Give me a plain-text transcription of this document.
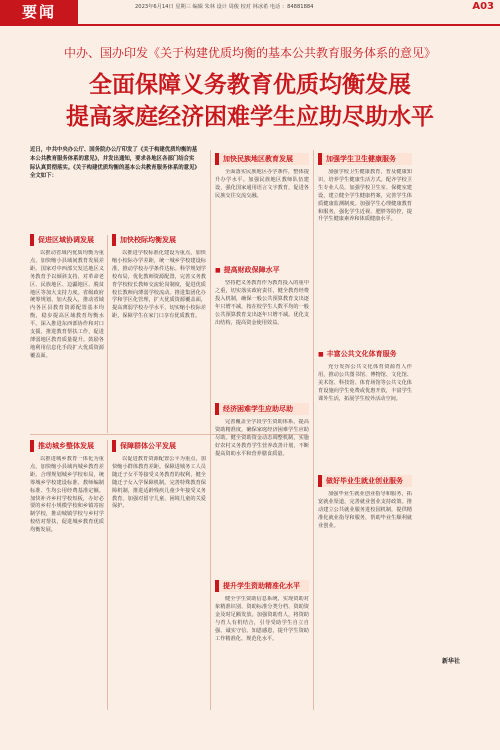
要闻	2023年6月14日 星期三 编辑 朱林 设计 周俊 校对 林冰希 电话 ：84881884	A03
中办、国办印发《关于构建优质均衡的基本公共教育服务体系的意见》
全面保障义务教育优质均衡发展
提高家庭经济困难学生应助尽助水平
近日，中共中央办公厅、国务院办公厅印发了《关于构建优质均衡的基本公共教育服务体系的意见》，并发出通知，要求各地区各部门结合实际认真贯彻落实。《关于构建优质均衡的基本公共教育服务体系的意见》全文如下：
促进区域协调发展
以推动省域内优质均衡为重点，加快缩小县域间教育发展差距。国家对中西部欠发达地区义务教育予以倾斜支持，对革命老区、民族地区、边疆地区、脱贫地区等加大支持力度。省级政府统筹规划、加大投入，推动省域内各区县教育资源配置基本均衡，稳步提高区域教育均衡水平。深入推进东西部协作和对口支援，推进教育帮扶工作，促进薄弱地区教育质量提升。鼓励各地利用信息化手段扩大优质资源覆盖面。
加快校际均衡发展
以推进学校标准化建设为重点，加快缩小校际办学差距，统一城乡学校建设标准，推动学校办学条件达标。科学规划学校布局，优化教师资源配置，完善义务教育学校校长教师交流轮岗制度，促进优质校长教师向薄弱学校流动。推进集团化办学和学区化管理，扩大优质资源覆盖面，提高薄弱学校办学水平，切实缩小校际差距，保障学生在家门口享有优质教育。
推动城乡整体发展
以推进城乡教育一体化为重点，加快缩小县域内城乡教育差距。合理规划城乡学校布局，统筹城乡学校建设标准、教师编制标准、生均公用经费基准定额。加快补齐乡村学校短板，办好必要的乡村小规模学校和乡镇寄宿制学校，推动城镇学校与乡村学校结对帮扶，促进城乡教育优质均衡发展。
保障群体公平发展
以促进教育资源配置公平为重点，加快缩小群体教育差距。保障进城务工人员随迁子女平等接受义务教育的权利，健全随迁子女入学保障机制。完善特殊教育保障机制，推进适龄残疾儿童少年接受义务教育。加强对留守儿童、困境儿童的关爱保护。
加快民族地区教育发展
全面落实民族地区办学条件，整体提升办学水平。加强民族地区教师队伍建设，强化国家通用语言文字教育，促进各民族交往交流交融。
■ 提高财政保障水平
坚持把义务教育作为教育投入的重中之重，切实落实政府责任，健全教育经费投入机制，确保一般公共预算教育支出逐年只增不减，按在校学生人数平均的一般公共预算教育支出逐年只增不减。优化支出结构，提高资金使用效益。
经济困难学生应助尽助
完善覆盖全学段学生资助体系，提高资助精准度，确保家庭经济困难学生应助尽助。健全资助资金动态调整机制，实施好农村义务教育学生营养改善计划，不断提高资助水平和营养膳食质量。
提升学生资助精准化水平
健全学生资助信息系统，实现资助对象精准识别、资助标准分类分档、资助资金及时足额发放。加强资助育人，将资助与育人有机结合，引导受助学生自立自强、诚实守信、知恩感恩，提升学生资助工作精准化、规范化水平。
加强学生卫生健康服务
加强学校卫生健康教育，普及健康知识，培养学生健康生活方式。配齐学校卫生专业人员，加强学校卫生室、保健室建设，建立健全学生健康档案，完善学生体质健康监测制度。加强学生心理健康教育和服务，强化学生近视、肥胖等防控，提升学生健康素养和体质健康水平。
■ 丰富公共文化体育服务
充分发挥公共文化体育资源育人作用，推动公共图书馆、博物馆、文化馆、美术馆、科技馆、体育场馆等公共文化体育设施向学生免费或优惠开放，丰富学生课外生活，拓展学生校外活动空间。
做好毕业生就业创业服务
加强毕业生就业创业指导和服务，拓宽就业渠道，完善就业创业支持政策。推动建立公共就业服务进校园机制，提供精准化就业指导和服务，帮助毕业生顺利就业创业。
新华社
